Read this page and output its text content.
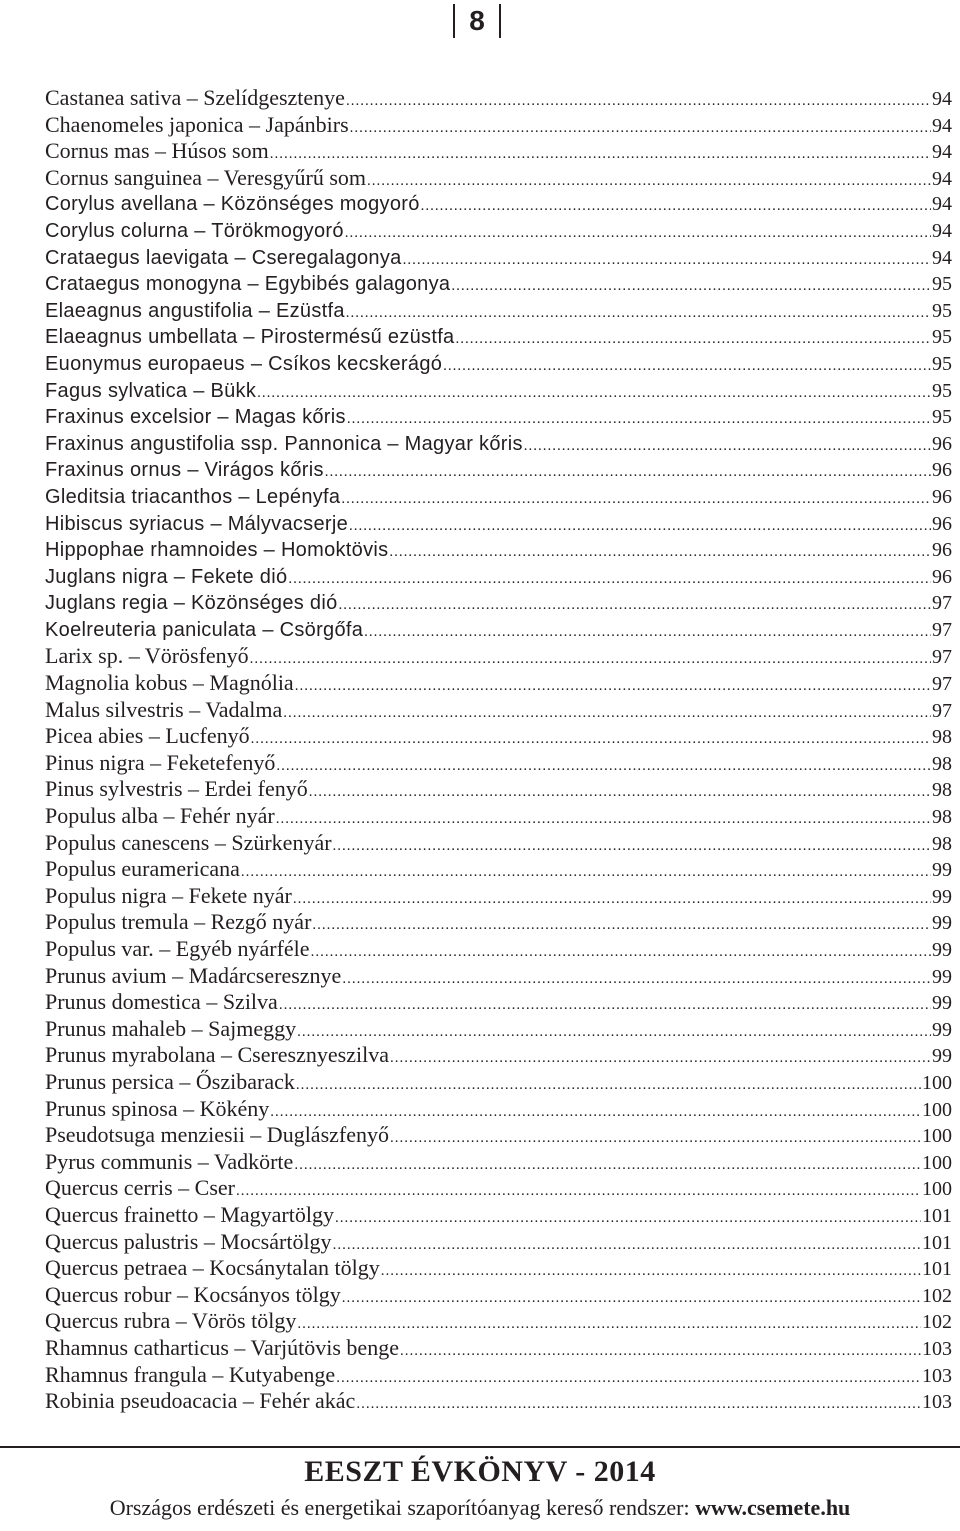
8
Castanea sativa – Szelídgesztenye .....	94
Chaenomeles japonica – Japánbirs .....	94
Cornus mas – Húsos som .....	94
Cornus sanguinea – Veresgyűrű som .....	94
Corylus avellana – Közönséges mogyoró .....	94
Corylus colurna – Törökmogyoró .....	94
Crataegus laevigata – Cseregalagonya .....	94
Crataegus monogyna – Egybibés galagonya .....	95
Elaeagnus angustifolia – Ezüstfa .....	95
Elaeagnus umbellata – Pirostermésű ezüstfa .....	95
Euonymus europaeus – Csíkos kecskerágó .....	95
Fagus sylvatica – Bükk .....	95
Fraxinus excelsior – Magas kőris .....	95
Fraxinus angustifolia ssp. Pannonica – Magyar kőris .....	96
Fraxinus ornus – Virágos kőris .....	96
Gleditsia triacanthos – Lepényfa .....	96
Hibiscus syriacus – Mályvacserje .....	96
Hippophae rhamnoides – Homoktövis .....	96
Juglans nigra – Fekete dió .....	96
Juglans regia – Közönséges dió .....	97
Koelreuteria paniculata – Csörgőfa .....	97
Larix sp. – Vörösfenyő .....	97
Magnolia kobus – Magnólia .....	97
Malus silvestris – Vadalma .....	97
Picea abies – Lucfenyő .....	98
Pinus nigra – Feketefenyő .....	98
Pinus sylvestris – Erdei fenyő .....	98
Populus alba – Fehér nyár .....	98
Populus canescens – Szürkenyár .....	98
Populus euramericana .....	99
Populus nigra – Fekete nyár .....	99
Populus tremula – Rezgő nyár .....	99
Populus var. – Egyéb nyárféle .....	99
Prunus avium – Madárcseresznye .....	99
Prunus domestica – Szilva .....	99
Prunus mahaleb – Sajmeggy .....	99
Prunus myrabolana – Cseresznyeszilva .....	99
Prunus persica – Őszibarack .....	100
Prunus spinosa – Kökény .....	100
Pseudotsuga menziesii – Duglászfenyő .....	100
Pyrus communis – Vadkörte .....	100
Quercus cerris – Cser .....	100
Quercus frainetto – Magyartölgy .....	101
Quercus palustris – Mocsártölgy .....	101
Quercus petraea – Kocsánytalan tölgy .....	101
Quercus robur – Kocsányos tölgy .....	102
Quercus rubra – Vörös tölgy .....	102
Rhamnus catharticus – Varjútövis benge .....	103
Rhamnus frangula – Kutyabenge .....	103
Robinia pseudoacacia – Fehér akác .....	103
EESZT ÉVKÖNYV - 2014
Országos erdészeti és energetikai szaporítóanyag kereső rendszer: www.csemete.hu
